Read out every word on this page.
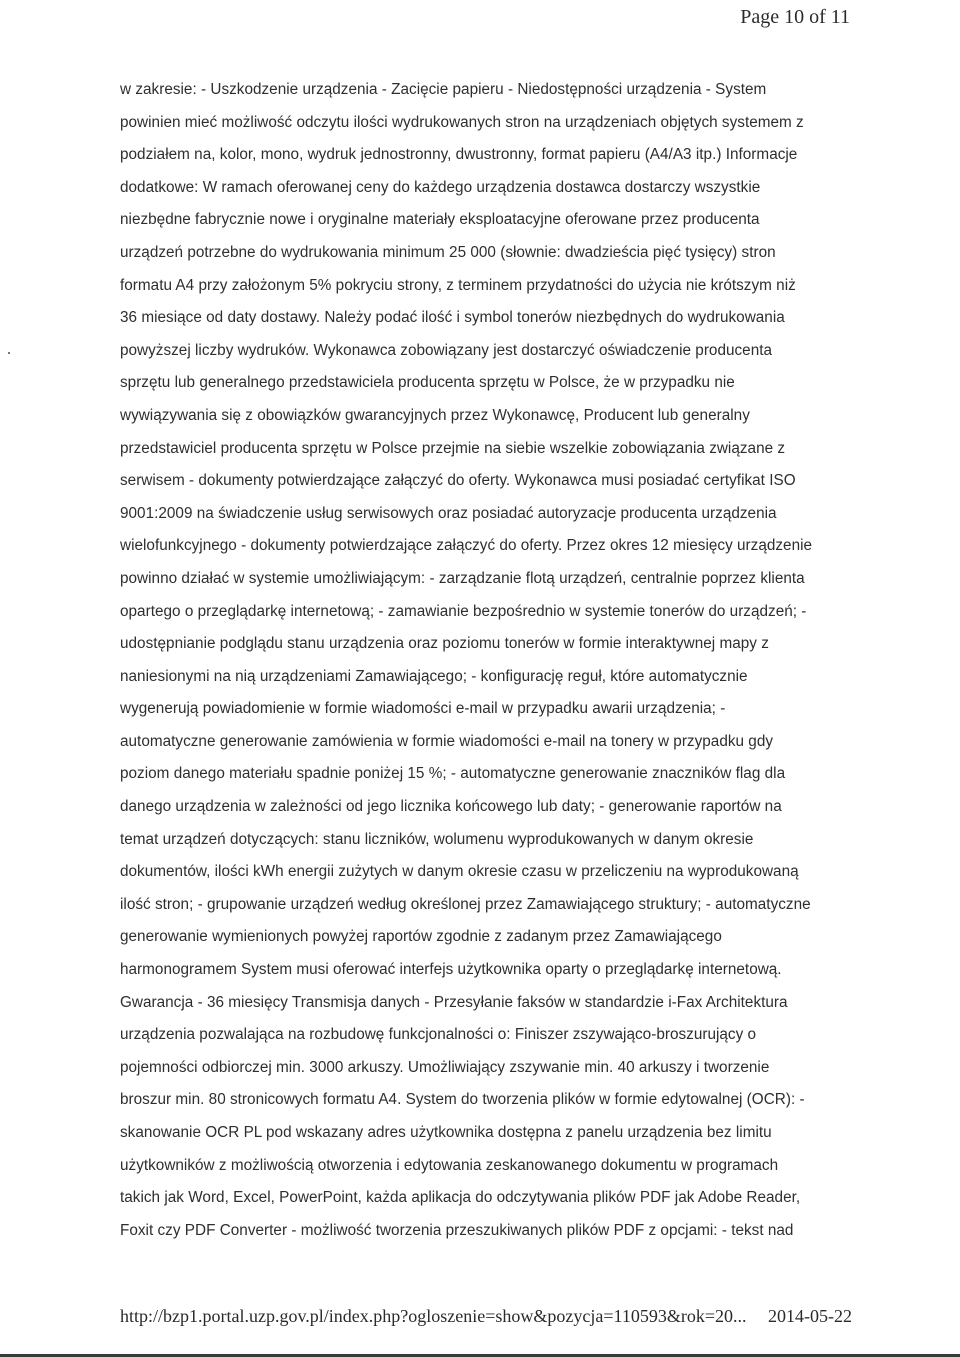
Page 10 of 11
w zakresie: - Uszkodzenie urządzenia - Zacięcie papieru - Niedostępności urządzenia - System
powinien mieć możliwość odczytu ilości wydrukowanych stron na urządzeniach objętych systemem z
podziałem na, kolor, mono, wydruk jednostronny, dwustronny, format papieru (A4/A3 itp.) Informacje
dodatkowe: W ramach oferowanej ceny do każdego urządzenia dostawca dostarczy wszystkie
niezbędne fabrycznie nowe i oryginalne materiały eksploatacyjne oferowane przez producenta
urządzeń potrzebne do wydrukowania minimum 25 000 (słownie: dwadzieścia pięć tysięcy) stron
formatu A4 przy założonym 5% pokryciu strony, z terminem przydatności do użycia nie krótszym niż
36 miesiące od daty dostawy. Należy podać ilość i symbol tonerów niezbędnych do wydrukowania
powyższej liczby wydruków. Wykonawca zobowiązany jest dostarczyć oświadczenie producenta
sprzętu lub generalnego przedstawiciela producenta sprzętu w Polsce, że w przypadku nie
wywiązywania się z obowiązków gwarancyjnych przez Wykonawcę, Producent lub generalny
przedstawiciel producenta sprzętu w Polsce przejmie na siebie wszelkie zobowiązania związane z
serwisem - dokumenty potwierdzające załączyć do oferty. Wykonawca musi posiadać certyfikat ISO
9001:2009 na świadczenie usług serwisowych oraz posiadać autoryzacje producenta urządzenia
wielofunkcyjnego - dokumenty potwierdzające załączyć do oferty. Przez okres 12 miesięcy urządzenie
powinno działać w systemie umożliwiającym: - zarządzanie flotą urządzeń, centralnie poprzez klienta
opartego o przeglądarkę internetową; - zamawianie bezpośrednio w systemie tonerów do urządzeń; -
udostępnianie podglądu stanu urządzenia oraz poziomu tonerów w formie interaktywnej mapy z
naniesionymi na nią urządzeniami Zamawiającego; - konfigurację reguł, które automatycznie
wygenerują powiadomienie w formie wiadomości e-mail w przypadku awarii urządzenia; -
automatyczne generowanie zamówienia w formie wiadomości e-mail na tonery w przypadku gdy
poziom danego materiału spadnie poniżej 15 %; - automatyczne generowanie znaczników flag dla
danego urządzenia w zależności od jego licznika końcowego lub daty; - generowanie raportów na
temat urządzeń dotyczących: stanu liczników, wolumenu wyprodukowanych w danym okresie
dokumentów, ilości kWh energii zużytych w danym okresie czasu w przeliczeniu na wyprodukowaną
ilość stron; - grupowanie urządzeń według określonej przez Zamawiającego struktury; - automatyczne
generowanie wymienionych powyżej raportów zgodnie z zadanym przez Zamawiającego
harmonogramem System musi oferować interfejs użytkownika oparty o przeglądarkę internetową.
Gwarancja - 36 miesięcy Transmisja danych - Przesyłanie faksów w standardzie i-Fax Architektura
urządzenia pozwalająca na rozbudowę funkcjonalności o: Finiszer zszywająco-broszurujący o
pojemności odbiorczej min. 3000 arkuszy. Umożliwiający zszywanie min. 40 arkuszy i tworzenie
broszur min. 80 stronicowych formatu A4. System do tworzenia plików w formie edytowalnej (OCR): -
skanowanie OCR PL pod wskazany adres użytkownika dostępna z panelu urządzenia bez limitu
użytkowników z możliwością otworzenia i edytowania zeskanowanego dokumentu w programach
takich jak Word, Excel, PowerPoint, każda aplikacja do odczytywania plików PDF jak Adobe Reader,
Foxit czy PDF Converter - możliwość tworzenia przeszukiwanych plików PDF z opcjami: - tekst nad
http://bzp1.portal.uzp.gov.pl/index.php?ogloszenie=show&pozycja=110593&rok=20... 2014-05-22
